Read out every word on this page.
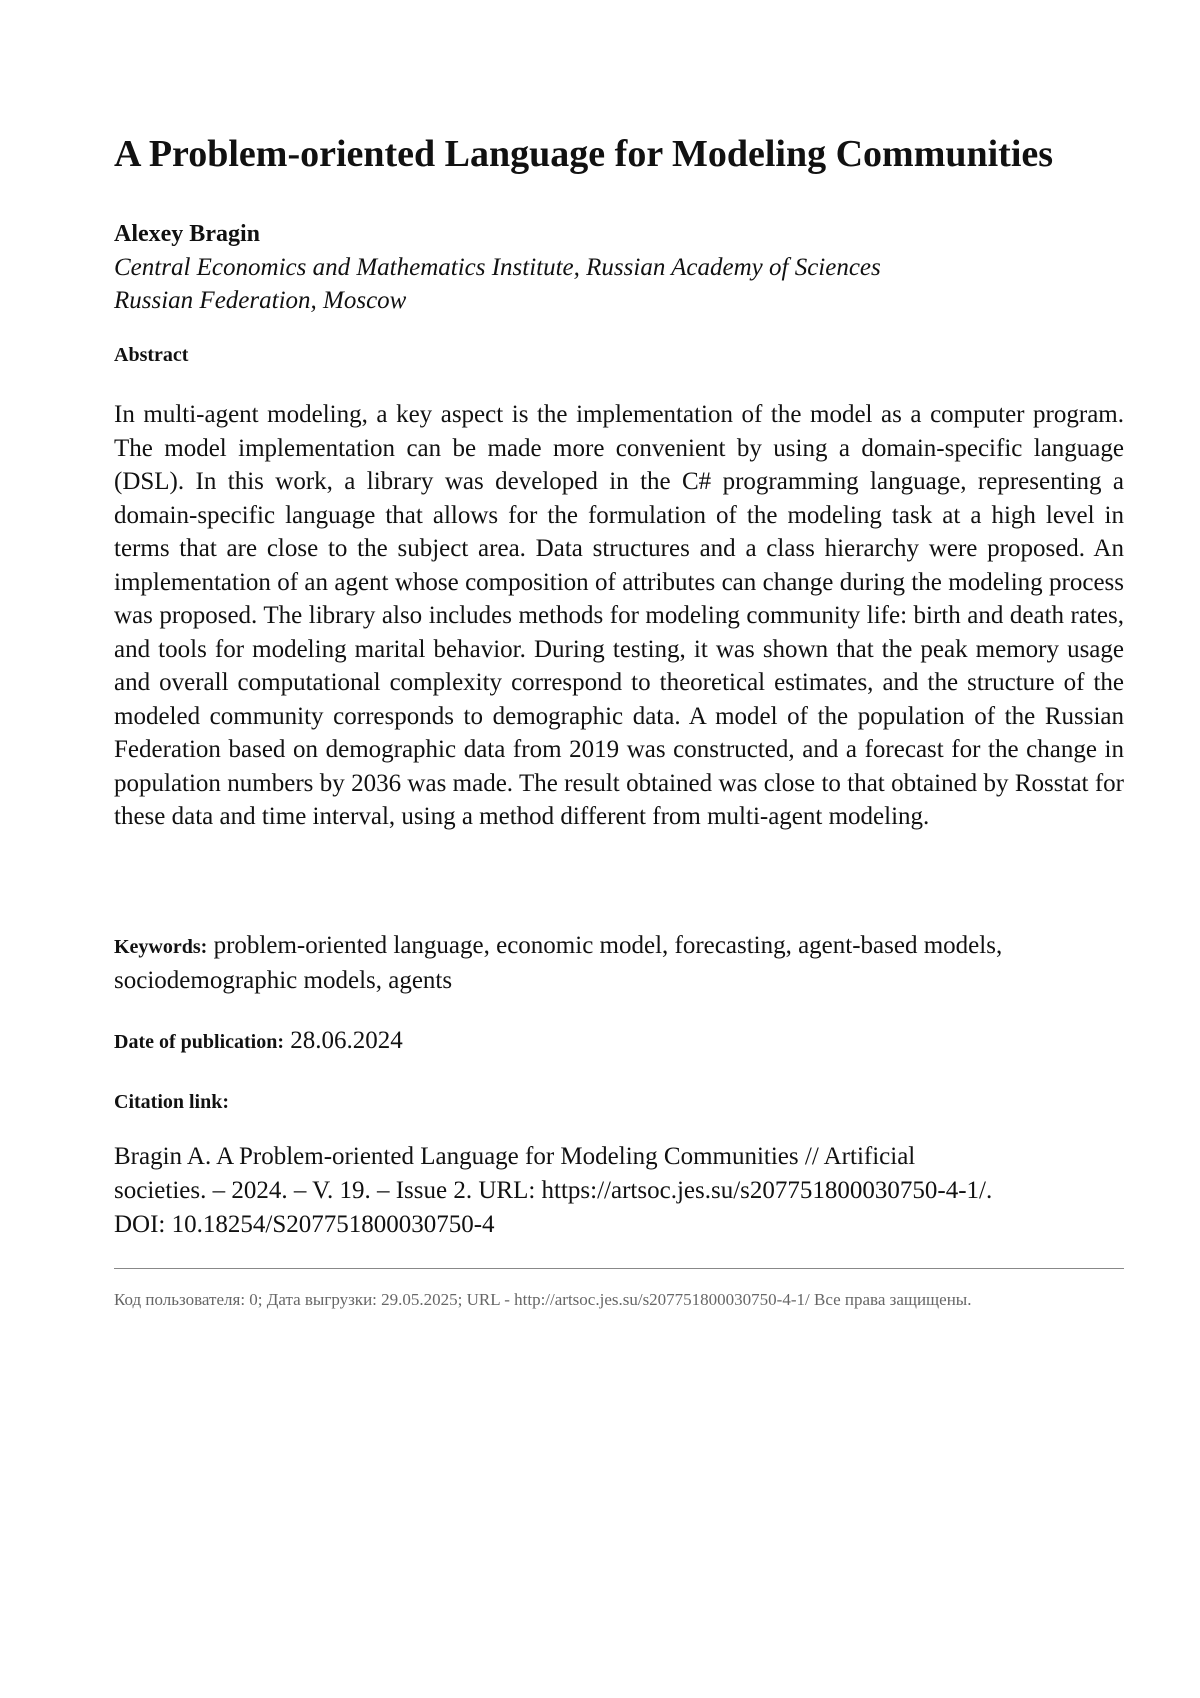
A Problem-oriented Language for Modeling Communities
Alexey Bragin
Central Economics and Mathematics Institute, Russian Academy of Sciences
Russian Federation, Moscow
Abstract

In multi-agent modeling, a key aspect is the implementation of the model as a computer program. The model implementation can be made more convenient by using a domain-specific language (DSL). In this work, a library was developed in the C# programming language, representing a domain-specific language that allows for the formulation of the modeling task at a high level in terms that are close to the subject area. Data structures and a class hierarchy were proposed. An implementation of an agent whose composition of attributes can change during the modeling process was proposed. The library also includes methods for modeling community life: birth and death rates, and tools for modeling marital behavior. During testing, it was shown that the peak memory usage and overall computational complexity correspond to theoretical estimates, and the structure of the modeled community corresponds to demographic data. A model of the population of the Russian Federation based on demographic data from 2019 was constructed, and a forecast for the change in population numbers by 2036 was made. The result obtained was close to that obtained by Rosstat for these data and time interval, using a method different from multi-agent modeling.

Keywords: problem-oriented language, economic model, forecasting, agent-based models, sociodemographic models, agents

Date of publication: 28.06.2024
Citation link:
Bragin A. A Problem-oriented Language for Modeling Communities // Artificial
societies. – 2024. – V. 19. – Issue 2. URL: https://artsoc.jes.su/s207751800030750-4-1/.
DOI: 10.18254/S207751800030750-4

Код пользователя: 0; Дата выгрузки: 29.05.2025; URL - http://artsoc.jes.su/s207751800030750-4-1/ Все права защищены.
